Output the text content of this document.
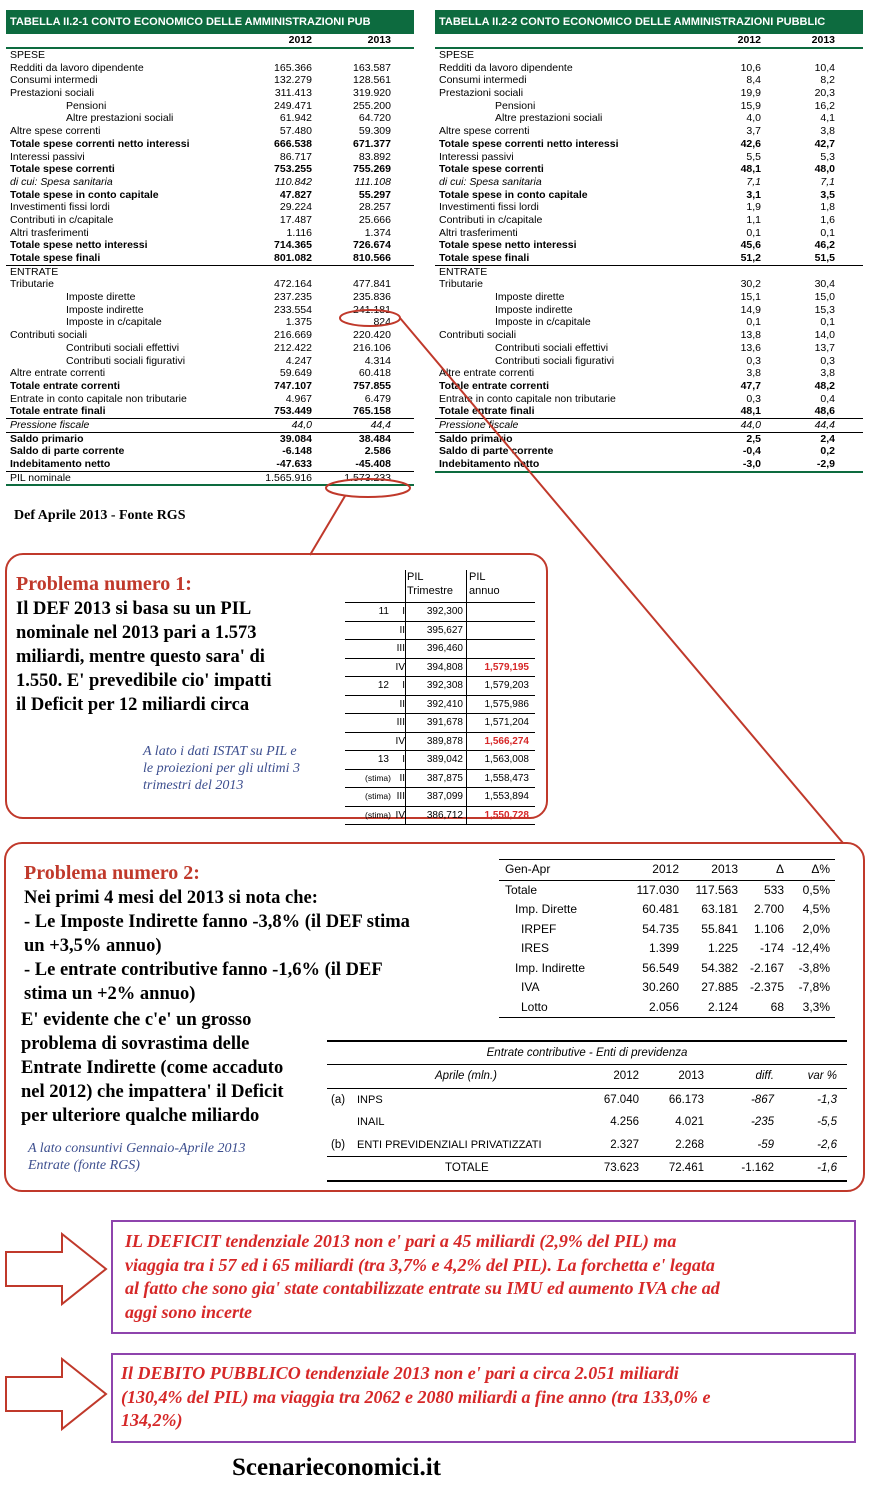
TABELLA II.2-1 CONTO ECONOMICO DELLE AMMINISTRAZIONI PUB
2012	2013
SPESE
Redditi da lavoro dipendente	165.366	163.587
Consumi intermedi	132.279	128.561
Prestazioni sociali	311.413	319.920
Pensioni	249.471	255.200
Altre prestazioni sociali	61.942	64.720
Altre spese correnti	57.480	59.309
Totale spese correnti netto interessi	666.538	671.377
Interessi passivi	86.717	83.892
Totale spese correnti	753.255	755.269
di cui: Spesa sanitaria	110.842	111.108
Totale spese in conto capitale	47.827	55.297
Investimenti fissi lordi	29.224	28.257
Contributi in c/capitale	17.487	25.666
Altri trasferimenti	1.116	1.374
Totale spese netto interessi	714.365	726.674
Totale spese finali	801.082	810.566
ENTRATE
Tributarie	472.164	477.841
Imposte dirette	237.235	235.836
Imposte indirette	233.554	241.181
Imposte in c/capitale	1.375	824
Contributi sociali	216.669	220.420
Contributi sociali effettivi	212.422	216.106
Contributi sociali figurativi	4.247	4.314
Altre entrate correnti	59.649	60.418
Totale entrate correnti	747.107	757.855
Entrate in conto capitale non tributarie	4.967	6.479
Totale entrate finali	753.449	765.158
Pressione fiscale	44,0	44,4
Saldo primario	39.084	38.484
Saldo di parte corrente	-6.148	2.586
Indebitamento netto	-47.633	-45.408
PIL nominale	1.565.916	1.573.233
TABELLA II.2-2 CONTO ECONOMICO DELLE AMMINISTRAZIONI PUBBLIC
2012	2013
SPESE
Redditi da lavoro dipendente	10,6	10,4
Consumi intermedi	8,4	8,2
Prestazioni sociali	19,9	20,3
Pensioni	15,9	16,2
Altre prestazioni sociali	4,0	4,1
Altre spese correnti	3,7	3,8
Totale spese correnti netto interessi	42,6	42,7
Interessi passivi	5,5	5,3
Totale spese correnti	48,1	48,0
di cui: Spesa sanitaria	7,1	7,1
Totale spese in conto capitale	3,1	3,5
Investimenti fissi lordi	1,9	1,8
Contributi in c/capitale	1,1	1,6
Altri trasferimenti	0,1	0,1
Totale spese netto interessi	45,6	46,2
Totale spese finali	51,2	51,5
ENTRATE
Tributarie	30,2	30,4
Imposte dirette	15,1	15,0
Imposte indirette	14,9	15,3
Imposte in c/capitale	0,1	0,1
Contributi sociali	13,8	14,0
Contributi sociali effettivi	13,6	13,7
Contributi sociali figurativi	0,3	0,3
Altre entrate correnti	3,8	3,8
Totale entrate correnti	47,7	48,2
Entrate in conto capitale non tributarie	0,3	0,4
Totale entrate finali	48,1	48,6
Pressione fiscale	44,0	44,4
Saldo primario	2,5	2,4
Saldo di parte corrente	-0,4	0,2
Indebitamento netto	-3,0	-2,9
Def Aprile 2013 - Fonte RGS
Problema numero 1:
Il DEF 2013 si basa su un PIL
nominale nel 2013 pari a 1.573
miliardi, mentre questo sara' di
1.550. E' prevedibile cio' impatti
il Deficit per 12 miliardi circa
A lato i dati ISTAT su PIL e
le proiezioni per gli ultimi 3
trimestri del 2013
PIL
Trimestre
PIL
annuo
11	I	392,300
II	395,627
III	396,460
IV	394,808	1,579,195
12	I	392,308	1,579,203
II	392,410	1,575,986
III	391,678	1,571,204
IV	389,878	1,566,274
13	I	389,042	1,563,008
(stima) II	387,875	1,558,473
(stima) III	387,099	1,553,894
(stima) IV	386,712	1,550,728
Problema numero 2:
Nei primi 4 mesi del 2013 si nota che:
- Le Imposte Indirette fanno -3,8% (il DEF stima
un +3,5% annuo)
- Le entrate contributive fanno -1,6% (il DEF
stima un +2% annuo)
E' evidente che c'e' un grosso
problema di sovrastima delle
Entrate Indirette (come accaduto
nel 2012) che impattera' il Deficit
per ulteriore qualche miliardo
A lato consuntivi Gennaio-Aprile 2013
Entrate (fonte RGS)
Gen-Apr	2012	2013	Δ	Δ%
Totale	117.030	117.563	533	0,5%
Imp. Dirette	60.481	63.181	2.700	4,5%
IRPEF	54.735	55.841	1.106	2,0%
IRES	1.399	1.225	-174 -12,4%
Imp. Indirette	56.549	54.382 -2.167	-3,8%
IVA	30.260	27.885 -2.375	-7,8%
Lotto	2.056	2.124	68	3,3%
Entrate contributive - Enti di previdenza
Aprile (mln.)	2012	2013	diff.	var %
(a) INPS	67.040	66.173	-867	-1,3
INAIL	4.256	4.021	-235	-5,5
(b) ENTI PREVIDENZIALI PRIVATIZZATI	2.327	2.268	-59	-2,6
TOTALE	73.623	72.461	-1.162	-1,6
IL DEFICIT tendenziale 2013 non e' pari a 45 miliardi (2,9% del PIL) ma
viaggia tra i 57 ed i 65 miliardi (tra 3,7% e 4,2% del PIL). La forchetta e' legata
al fatto che sono gia' state contabilizzate entrate su IMU ed aumento IVA che ad
aggi sono incerte
Il DEBITO PUBBLICO tendenziale 2013 non e' pari a circa 2.051 miliardi
(130,4% del PIL) ma viaggia tra 2062 e 2080 miliardi a fine anno (tra 133,0% e
134,2%)
Scenarieconomici.it
